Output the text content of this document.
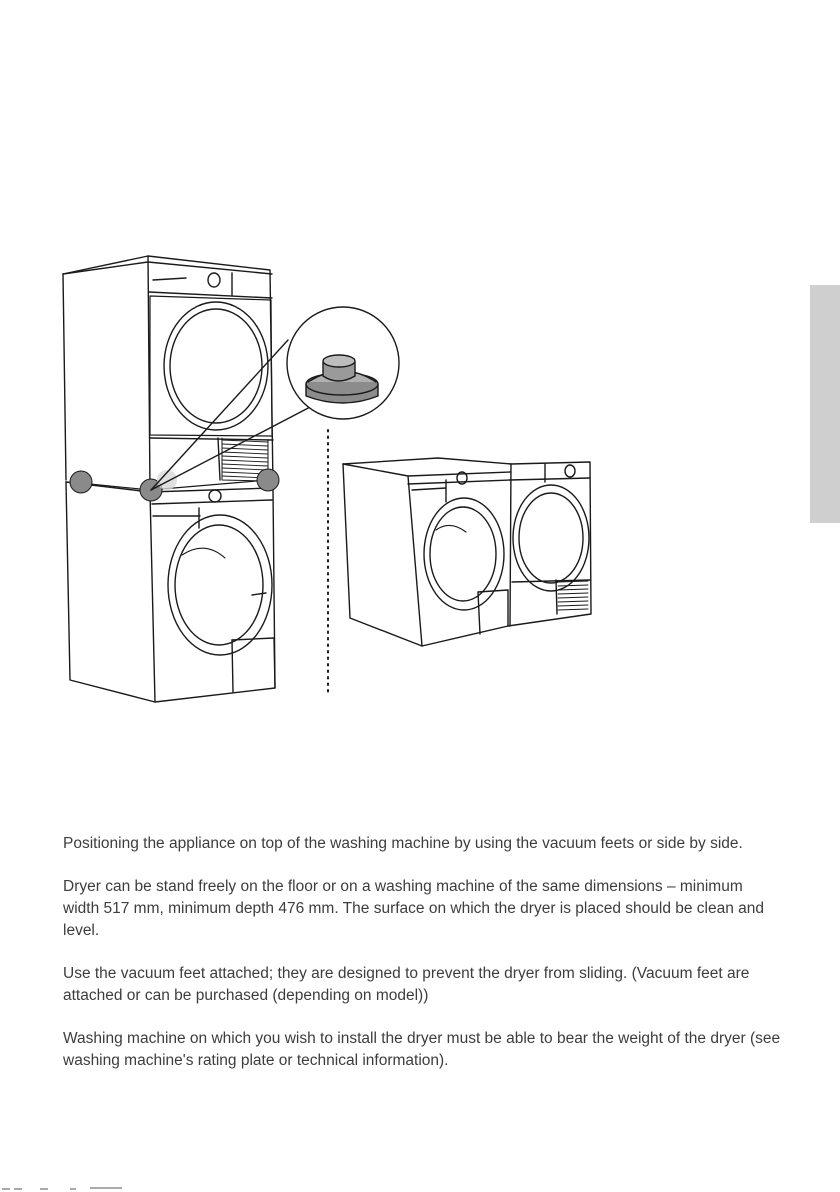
Positioning the appliance on top of the washing machine by using the vacuum feets or side by side.

Dryer can be stand freely on the floor or on a washing machine of the same dimensions – minimum width 517 mm, minimum depth 476 mm. The surface on which the dryer is placed should be clean and level.

Use the vacuum feet attached; they are designed to prevent the dryer from sliding. (Vacuum feet are attached or can be purchased (depending on model))

Washing machine on which you wish to install the dryer must be able to bear the weight of the dryer (see washing machine's rating plate or technical information).
